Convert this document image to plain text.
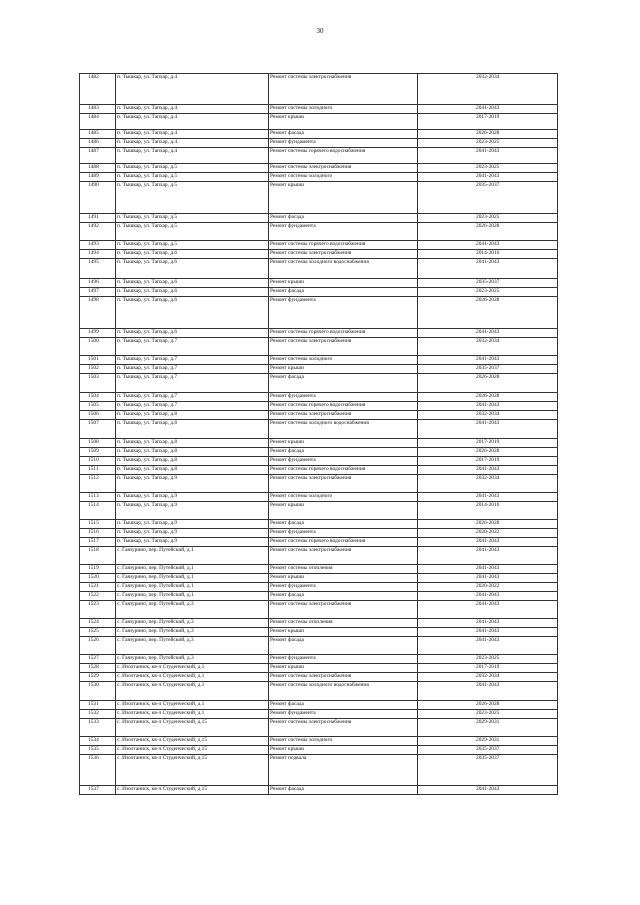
30
1482	п. Тышкар, ул. Тапхар, д.4	Ремонт системы электроснабжения	2032-2034
1483	п. Тышкар, ул. Тапхар, д.4	Ремонт системы холодного	2041-2043
1484	п. Тышкар, ул. Тапхар, д.4	Ремонт крыши	2017-2019
1485	п. Тышкар, ул. Тапхар, д.4	Ремонт фасада	2026-2028
1486	п. Тышкар, ул. Тапхар, д.4	Ремонт фундамента	2023-2025
1487	п. Тышкар, ул. Тапхар, д.4	Ремонт системы горячего водоснабжения	2041-2043
1488	п. Тышкар, ул. Тапхар, д.5	Ремонт системы электроснабжения	2023-2025
1489	п. Тышкар, ул. Тапхар, д.5	Ремонт системы холодного	2041-2043
1490	п. Тышкар, ул. Тапхар, д.5	Ремонт крыши	2035-2037
1491	п. Тышкар, ул. Тапхар, д.5	Ремонт фасада	2023-2025
1492	п. Тышкар, ул. Тапхар, д.5	Ремонт фундамента	2026-2028
1493	п. Тышкар, ул. Тапхар, д.5	Ремонт системы горячего водоснабжения	2041-2043
1494	п. Тышкар, ул. Тапхар, д.6	Ремонт системы электроснабжения	2014-2016
1495	п. Тышкар, ул. Тапхар, д.6	Ремонт системы холодного водоснабжения	2041-2043
1496	п. Тышкар, ул. Тапхар, д.6	Ремонт крыши	2035-2037
1497	п. Тышкар, ул. Тапхар, д.6	Ремонт фасада	2023-2025
1498	п. Тышкар, ул. Тапхар, д.6	Ремонт фундамента	2026-2028
1499	п. Тышкар, ул. Тапхар, д.6	Ремонт системы горячего водоснабжения	2041-2043
1500	п. Тышкар, ул. Тапхар, д.7	Ремонт системы электроснабжения	2032-2034
1501	п. Тышкар, ул. Тапхар, д.7	Ремонт системы холодного	2041-2043
1502	п. Тышкар, ул. Тапхар, д.7	Ремонт крыши	2035-2037
1503	п. Тышкар, ул. Тапхар, д.7	Ремонт фасада	2026-2028
1504	п. Тышкар, ул. Тапхар, д.7	Ремонт фундамента	2026-2028
1505	п. Тышкар, ул. Тапхар, д.7	Ремонт системы горячего водоснабжения	2041-2043
1506	п. Тышкар, ул. Тапхар, д.8	Ремонт системы электроснабжения	2032-2034
1507	п. Тышкар, ул. Тапхар, д.8	Ремонт системы холодного водоснабжения	2041-2043
1508	п. Тышкар, ул. Тапхар, д.8	Ремонт крыши	2017-2019
1509	п. Тышкар, ул. Тапхар, д.8	Ремонт фасада	2026-2028
1510	п. Тышкар, ул. Тапхар, д.8	Ремонт фундамента	2017-2019
1511	п. Тышкар, ул. Тапхар, д.8	Ремонт системы горячего водоснабжения	2041-2043
1512	п. Тышкар, ул. Тапхар, д.9	Ремонт системы электроснабжения	2032-2034
1513	п. Тышкар, ул. Тапхар, д.9	Ремонт системы холодного	2041-2043
1514	п. Тышкар, ул. Тапхар, д.9	Ремонт крыши	2014-2016
1515	п. Тышкар, ул. Тапхар, д.9	Ремонт фасада	2026-2028
1516	п. Тышкар, ул. Тапхар, д.9	Ремонт фундамента	2020-2022
1517	п. Тышкар, ул. Тапхар, д.9	Ремонт системы горячего водоснабжения	2041-2043
1518	с. Гаязурино, пер. Путейский, д.1	Ремонт системы электроснабжения	2041-2043
1519	с. Гаязурино, пер. Путейский, д.1	Ремонт системы отопления	2041-2043
1520	с. Гаязурино, пер. Путейский, д.1	Ремонт крыши	2041-2043
1521	с. Гаязурино, пер. Путейский, д.1	Ремонт фундамента	2020-2022
1522	с. Гаязурино, пер. Путейский, д.1	Ремонт фасада	2041-2043
1523	с. Гаязурино, пер. Путейский, д.3	Ремонт системы электроснабжения	2041-2043
1524	с. Гаязурино, пер. Путейский, д.3	Ремонт системы отопления	2041-2043
1525	с. Гаязурино, пер. Путейский, д.3	Ремонт крыши	2041-2043
1526	с. Гаязурино, пер. Путейский, д.3	Ремонт фасада	2041-2043
1527	с. Гаязурино, пер. Путейский, д.3	Ремонт фундамента	2023-2025
1528	с. Изолтаниск, кв-л Студенческий, д.1	Ремонт крыши	2017-2019
1529	с. Изолтаниск, кв-л Студенческий, д.1	Ремонт системы электроснабжения	2032-2034
1530	с. Изолтаниск, кв-л Студенческий, д.1	Ремонт системы холодного водоснабжения	2041-2043
1531	с. Изолтаниск, кв-л Студенческий, д.1	Ремонт фасада	2026-2028
1532	с. Изолтаниск, кв-л Студенческий, д.1	Ремонт фундамента	2023-2025
1533	с. Изолтаниск, кв-л Студенческий, д.15	Ремонт системы электроснабжения	2029-2031
1534	с. Изолтаниск, кв-л Студенческий, д.15	Ремонт системы холодного	2029-2031
1535	с. Изолтаниск, кв-л Студенческий, д.15	Ремонт крыши	2035-2037
1536	с. Изолтаниск, кв-л Студенческий, д.15	Ремонт подвала	2035-2037
1537	с. Изолтаниск, кв-л Студенческий, д.15	Ремонт фасада	2041-2043
